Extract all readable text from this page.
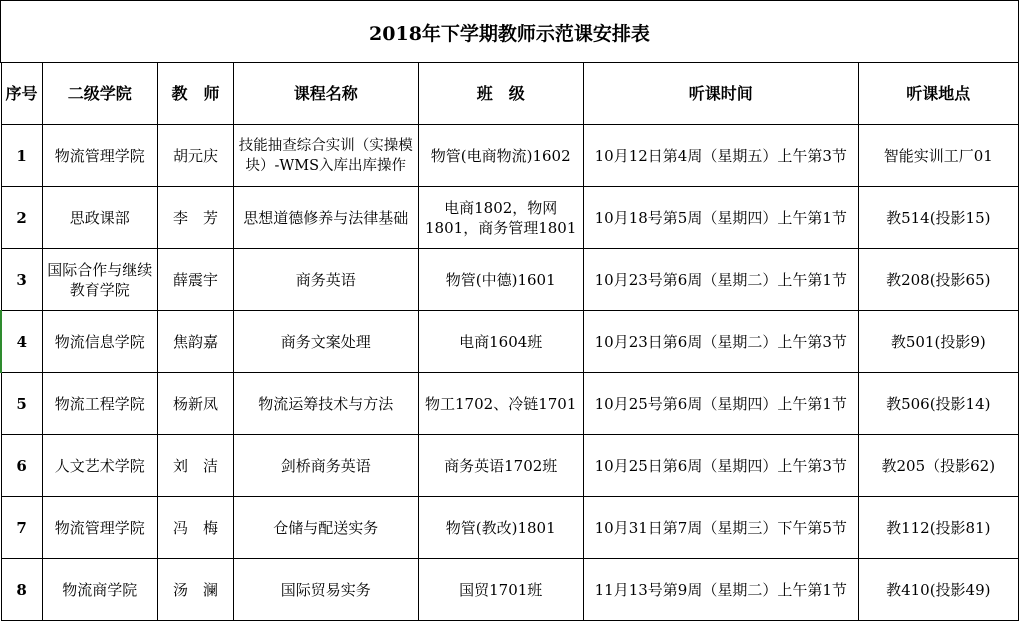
2018年下学期教师示范课安排表
序号	二级学院	教　师	课程名称	班　级	听课时间	听课地点
1	物流管理学院	胡元庆	技能抽查综合实训（实操模块）-WMS入库出库操作	物管(电商物流)1602	10月12日第4周（星期五）上午第3节	智能实训工厂01
2	思政课部	李　芳	思想道德修养与法律基础	电商1802，物网1801，商务管理1801	10月18号第5周（星期四）上午第1节	教514(投影15)
3	国际合作与继续教育学院	薛震宇	商务英语	物管(中德)1601	10月23号第6周（星期二）上午第1节	教208(投影65)
4	物流信息学院	焦韵嘉	商务文案处理	电商1604班	10月23日第6周（星期二）上午第3节	教501(投影9)
5	物流工程学院	杨新凤	物流运筹技术与方法	物工1702、冷链1701	10月25号第6周（星期四）上午第1节	教506(投影14)
6	人文艺术学院	刘　洁	剑桥商务英语	商务英语1702班	10月25日第6周（星期四）上午第3节	教205（投影62)
7	物流管理学院	冯　梅	仓储与配送实务	物管(教改)1801	10月31日第7周（星期三）下午第5节	教112(投影81)
8	物流商学院	汤　澜	国际贸易实务	国贸1701班	11月13号第9周（星期二）上午第1节	教410(投影49)
